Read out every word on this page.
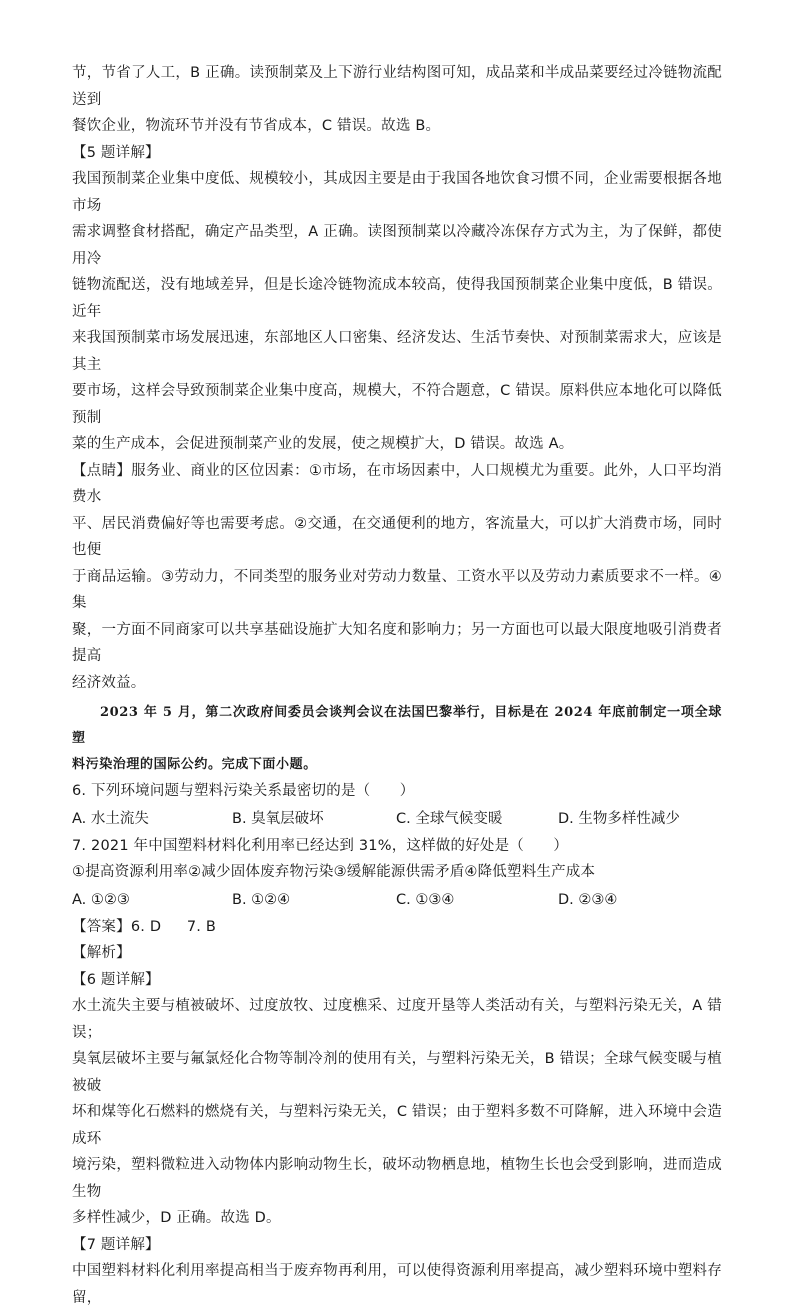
节，节省了人工，B 正确。读预制菜及上下游行业结构图可知，成品菜和半成品菜要经过冷链物流配送到

餐饮企业，物流环节并没有节省成本，C 错误。故选 B。

【5 题详解】

我国预制菜企业集中度低、规模较小，其成因主要是由于我国各地饮食习惯不同，企业需要根据各地市场

需求调整食材搭配，确定产品类型，A 正确。读图预制菜以冷藏冷冻保存方式为主，为了保鲜，都使用冷

链物流配送，没有地域差异，但是长途冷链物流成本较高，使得我国预制菜企业集中度低，B 错误。近年

来我国预制菜市场发展迅速，东部地区人口密集、经济发达、生活节奏快、对预制菜需求大，应该是其主

要市场，这样会导致预制菜企业集中度高，规模大，不符合题意，C 错误。原料供应本地化可以降低预制

菜的生产成本，会促进预制菜产业的发展，使之规模扩大，D 错误。故选 A。

【点睛】服务业、商业的区位因素：①市场，在市场因素中，人口规模尤为重要。此外，人口平均消费水

平、居民消费偏好等也需要考虑。②交通，在交通便利的地方，客流量大，可以扩大消费市场，同时也便

于商品运输。③劳动力，不同类型的服务业对劳动力数量、工资水平以及劳动力素质要求不一样。④集

聚，一方面不同商家可以共享基础设施扩大知名度和影响力；另一方面也可以最大限度地吸引消费者提高

经济效益。

2023 年 5 月，第二次政府间委员会谈判会议在法国巴黎举行，目标是在 2024 年底前制定一项全球塑

料污染治理的国际公约。完成下面小题。

6. 下列环境问题与塑料污染关系最密切的是（　　）

A. 水土流失	B. 臭氧层破坏	C. 全球气候变暖	D. 生物多样性减少

7. 2021 年中国塑料材料化利用率已经达到 31%，这样做的好处是（　　）

①提高资源利用率②减少固体废弃物污染③缓解能源供需矛盾④降低塑料生产成本

A. ①②③	B. ①②④	C. ①③④	D. ②③④

【答案】6. D 7. B

【解析】

【6 题详解】

水土流失主要与植被破坏、过度放牧、过度樵采、过度开垦等人类活动有关，与塑料污染无关，A 错误；

臭氧层破坏主要与氟氯烃化合物等制冷剂的使用有关，与塑料污染无关，B 错误；全球气候变暖与植被破

坏和煤等化石燃料的燃烧有关，与塑料污染无关，C 错误；由于塑料多数不可降解，进入环境中会造成环

境污染，塑料微粒进入动物体内影响动物生长，破坏动物栖息地，植物生长也会受到影响，进而造成生物

多样性减少，D 正确。故选 D。

【7 题详解】

中国塑料材料化利用率提高相当于废弃物再利用，可以使得资源利用率提高，减少塑料环境中塑料存留，
